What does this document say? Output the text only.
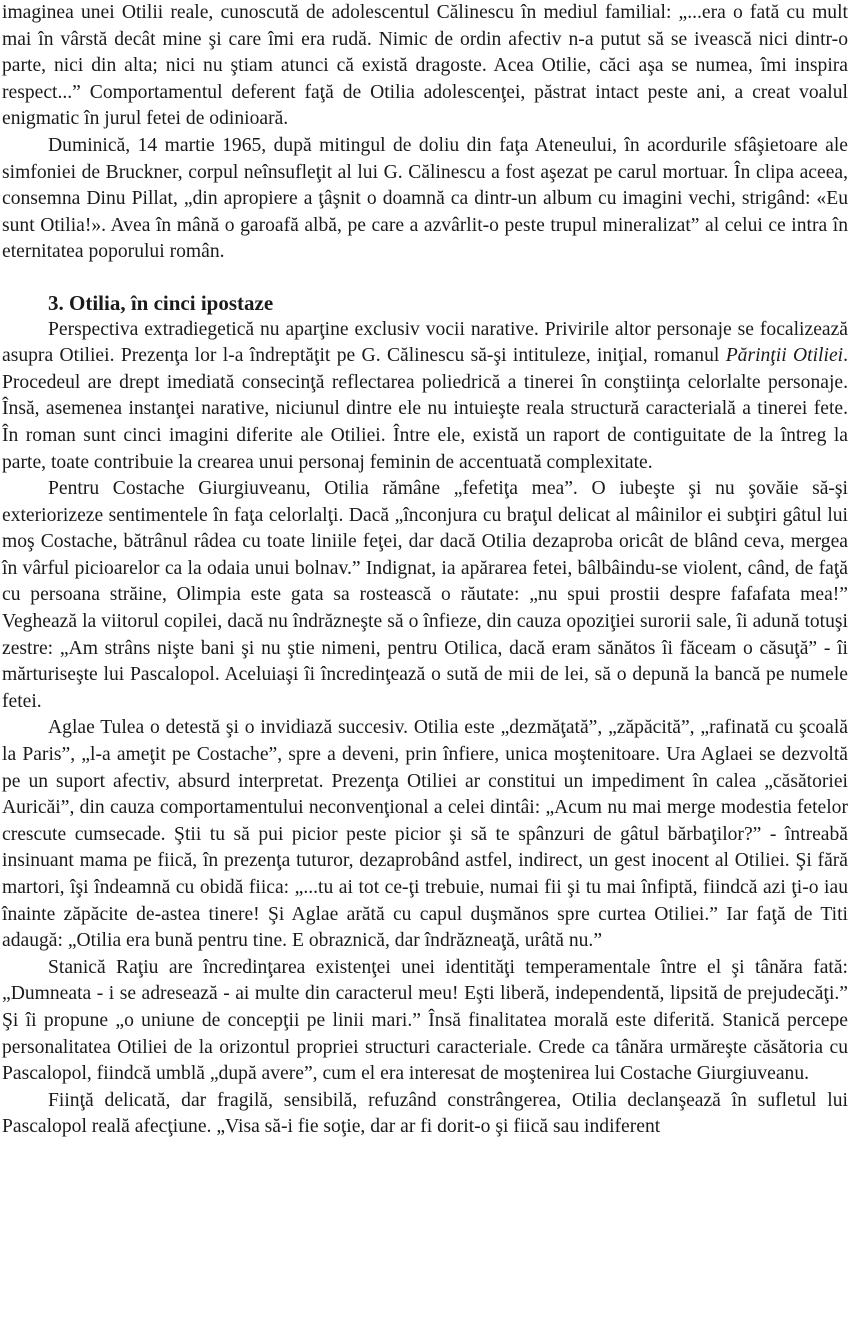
imaginea unei Otilii reale, cunoscută de adolescentul Călinescu în mediul familial: „...era o fată cu mult mai în vârstă decât mine şi care îmi era rudă. Nimic de ordin afectiv n-a putut să se ivească nici dintr-o parte, nici din alta; nici nu ştiam atunci că există dragoste. Acea Otilie, căci aşa se numea, îmi inspira respect...” Comportamentul deferent faţă de Otilia adolescenţei, păstrat intact peste ani, a creat voalul enigmatic în jurul fetei de odinioară.

Duminică, 14 martie 1965, după mitingul de doliu din faţa Ateneului, în acordurile sfâşietoare ale simfoniei de Bruckner, corpul neînsufleţit al lui G. Călinescu a fost aşezat pe carul mortuar. În clipa aceea, consemna Dinu Pillat, „din apropiere a ţâşnit o doamnă ca dintr-un album cu imagini vechi, strigând: «Eu sunt Otilia!». Avea în mână o garoafă albă, pe care a azvârlit-o peste trupul mineralizat” al celui ce intra în eternitatea poporului român.

3. Otilia, în cinci ipostaze

Perspectiva extradiegetică nu aparţine exclusiv vocii narative. Privirile altor personaje se focalizează asupra Otiliei. Prezenţa lor l-a îndreptăţit pe G. Călinescu să-şi intituleze, iniţial, romanul Părinţii Otiliei. Procedeul are drept imediată consecinţă reflectarea poliedrică a tinerei în conştiinţa celorlalte personaje. Însă, asemenea instanţei narative, niciunul dintre ele nu intuieşte reala structură caracterială a tinerei fete. În roman sunt cinci imagini diferite ale Otiliei. Între ele, există un raport de contiguitate de la întreg la parte, toate contribuie la crearea unui personaj feminin de accentuată complexitate.

Pentru Costache Giurgiuveanu, Otilia rămâne „fefetiţa mea”. O iubeşte şi nu şovăie să-şi exteriorizeze sentimentele în faţa celorlalţi. Dacă „înconjura cu braţul delicat al mâinilor ei subţiri gâtul lui moş Costache, bătrânul râdea cu toate liniile feţei, dar dacă Otilia dezaproba oricât de blând ceva, mergea în vârful picioarelor ca la odaia unui bolnav.” Indignat, ia apărarea fetei, bâlbâindu-se violent, când, de faţă cu persoana străine, Olimpia este gata sa rostească o răutate: „nu spui prostii despre fafafata mea!” Veghează la viitorul copilei, dacă nu îndrăzneşte să o înfieze, din cauza opoziţiei surorii sale, îi adună totuşi zestre: „Am strâns nişte bani şi nu ştie nimeni, pentru Otilica, dacă eram sănătos îi făceam o căsuţă” - îi mărturiseşte lui Pascalopol. Aceluiaşi îi încredinţează o sută de mii de lei, să o depună la bancă pe numele fetei.

Aglae Tulea o detestă şi o invidiază succesiv. Otilia este „dezmăţată”, „zăpăcită”, „rafinată cu şcoală la Paris”, „l-a ameţit pe Costache”, spre a deveni, prin înfiere, unica moştenitoare. Ura Aglaei se dezvoltă pe un suport afectiv, absurd interpretat. Prezenţa Otiliei ar constitui un impediment în calea „căsătoriei Auricăi”, din cauza comportamentului neconvenţional a celei dintâi: „Acum nu mai merge modestia fetelor crescute cumsecade. Ştii tu să pui picior peste picior şi să te spânzuri de gâtul bărbaţilor?” - întreabă insinuant mama pe fiică, în prezenţa tuturor, dezaprobând astfel, indirect, un gest inocent al Otiliei. Şi fără martori, îşi îndeamnă cu obidă fiica: „...tu ai tot ce-ţi trebuie, numai fii şi tu mai înfiptă, fiindcă azi ţi-o iau înainte zăpăcite de-astea tinere! Şi Aglae arătă cu capul duşmănos spre curtea Otiliei.” Iar faţă de Titi adaugă: „Otilia era bună pentru tine. E obraznică, dar îndrăzneaţă, urâtă nu.”

Stanică Raţiu are încredinţarea existenţei unei identităţi temperamentale între el şi tânăra fată: „Dumneata - i se adresează - ai multe din caracterul meu! Eşti liberă, independentă, lipsită de prejudecăţi.” Şi îi propune „o uniune de concepţii pe linii mari.” Însă finalitatea morală este diferită. Stanică percepe personalitatea Otiliei de la orizontul propriei structuri caracteriale. Crede ca tânăra urmăreşte căsătoria cu Pascalopol, fiindcă umblă „după avere”, cum el era interesat de moştenirea lui Costache Giurgiuveanu.

Fiinţă delicată, dar fragilă, sensibilă, refuzând constrângerea, Otilia declanşează în sufletul lui Pascalopol reală afecţiune. „Visa să-i fie soţie, dar ar fi dorit-o şi fiică sau indiferent
